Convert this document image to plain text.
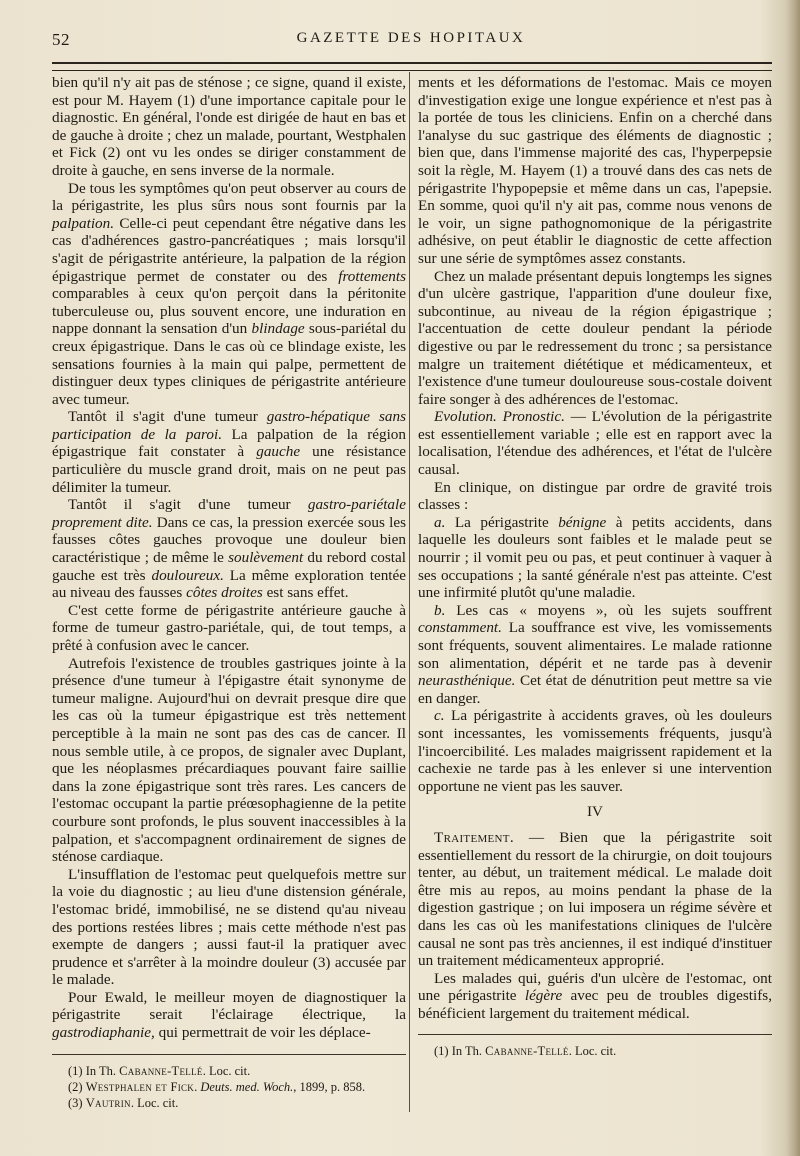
52	GAZETTE DES HOPITAUX

bien qu'il n'y ait pas de sténose ; ce signe, quand il existe, est pour M. Hayem (1) d'une importance capitale pour le diagnostic. En général, l'onde est dirigée de haut en bas et de gauche à droite ; chez un malade, pourtant, Westphalen et Fick (2) ont vu les ondes se diriger constamment de droite à gauche, en sens inverse de la normale.

De tous les symptômes qu'on peut observer au cours de la périgastrite, les plus sûrs nous sont fournis par la palpation. Celle-ci peut cependant être négative dans les cas d'adhérences gastro-pancréatiques ; mais lorsqu'il s'agit de périgastrite antérieure, la palpation de la région épigastrique permet de constater ou des frottements comparables à ceux qu'on perçoit dans la péritonite tuberculeuse ou, plus souvent encore, une induration en nappe donnant la sensation d'un blindage sous-pariétal du creux épigastrique. Dans le cas où ce blindage existe, les sensations fournies à la main qui palpe, permettent de distinguer deux types cliniques de périgastrite antérieure avec tumeur.

Tantôt il s'agit d'une tumeur gastro-hépatique sans participation de la paroi. La palpation de la région épigastrique fait constater à gauche une résistance particulière du muscle grand droit, mais on ne peut pas délimiter la tumeur.

Tantôt il s'agit d'une tumeur gastro-pariétale proprement dite. Dans ce cas, la pression exercée sous les fausses côtes gauches provoque une douleur bien caractéristique ; de même le soulèvement du rebord costal gauche est très douloureux. La même exploration tentée au niveau des fausses côtes droites est sans effet.

C'est cette forme de périgastrite antérieure gauche à forme de tumeur gastro-pariétale, qui, de tout temps, a prêté à confusion avec le cancer.

Autrefois l'existence de troubles gastriques jointe à la présence d'une tumeur à l'épigastre était synonyme de tumeur maligne. Aujourd'hui on devrait presque dire que les cas où la tumeur épigastrique est très nettement perceptible à la main ne sont pas des cas de cancer. Il nous semble utile, à ce propos, de signaler avec Duplant, que les néoplasmes précardiaques pouvant faire saillie dans la zone épigastrique sont très rares. Les cancers de l'estomac occupant la partie préœsophagienne de la petite courbure sont profonds, le plus souvent inaccessibles à la palpation, et s'accompagnent ordinairement de signes de sténose cardiaque.

L'insufflation de l'estomac peut quelquefois mettre sur la voie du diagnostic ; au lieu d'une distension générale, l'estomac bridé, immobilisé, ne se distend qu'au niveau des portions restées libres ; mais cette méthode n'est pas exempte de dangers ; aussi faut-il la pratiquer avec prudence et s'arrêter à la moindre douleur (3) accusée par le malade.

Pour Ewald, le meilleur moyen de diagnostiquer la périgastrite serait l'éclairage électrique, la gastrodiaphanie, qui permettrait de voir les déplace-

(1) In Th. Cabanne-Tellé. Loc. cit.

(2) Westphalen et Fick. Deuts. med. Woch., 1899, p. 858.

(3) Vautrin. Loc. cit.

ments et les déformations de l'estomac. Mais ce moyen d'investigation exige une longue expérience et n'est pas à la portée de tous les cliniciens. Enfin on a cherché dans l'analyse du suc gastrique des éléments de diagnostic ; bien que, dans l'immense majorité des cas, l'hyperpepsie soit la règle, M. Hayem (1) a trouvé dans des cas nets de périgastrite l'hypopepsie et même dans un cas, l'apepsie. En somme, quoi qu'il n'y ait pas, comme nous venons de le voir, un signe pathognomonique de la périgastrite adhésive, on peut établir le diagnostic de cette affection sur une série de symptômes assez constants.

Chez un malade présentant depuis longtemps les signes d'un ulcère gastrique, l'apparition d'une douleur fixe, subcontinue, au niveau de la région épigastrique ; l'accentuation de cette douleur pendant la période digestive ou par le redressement du tronc ; sa persistance malgre un traitement diététique et médicamenteux, et l'existence d'une tumeur douloureuse sous-costale doivent faire songer à des adhérences de l'estomac.

Evolution. Pronostic. — L'évolution de la périgastrite est essentiellement variable ; elle est en rapport avec la localisation, l'étendue des adhérences, et l'état de l'ulcère causal.

En clinique, on distingue par ordre de gravité trois classes :

a. La périgastrite bénigne à petits accidents, dans laquelle les douleurs sont faibles et le malade peut se nourrir ; il vomit peu ou pas, et peut continuer à vaquer à ses occupations ; la santé générale n'est pas atteinte. C'est une infirmité plutôt qu'une maladie.

b. Les cas « moyens », où les sujets souffrent constamment. La souffrance est vive, les vomissements sont fréquents, souvent alimentaires. Le malade rationne son alimentation, dépérit et ne tarde pas à devenir neurasthénique. Cet état de dénutrition peut mettre sa vie en danger.

c. La périgastrite à accidents graves, où les douleurs sont incessantes, les vomissements fréquents, jusqu'à l'incoercibilité. Les malades maigrissent rapidement et la cachexie ne tarde pas à les enlever si une intervention opportune ne vient pas les sauver.

IV

Traitement. — Bien que la périgastrite soit essentiellement du ressort de la chirurgie, on doit toujours tenter, au début, un traitement médical. Le malade doit être mis au repos, au moins pendant la phase de la digestion gastrique ; on lui imposera un régime sévère et dans les cas où les manifestations cliniques de l'ulcère causal ne sont pas très anciennes, il est indiqué d'instituer un traitement médicamenteux approprié.

Les malades qui, guéris d'un ulcère de l'estomac, ont une périgastrite légère avec peu de troubles digestifs, bénéficient largement du traitement médical.

(1) In Th. Cabanne-Tellé. Loc. cit.
